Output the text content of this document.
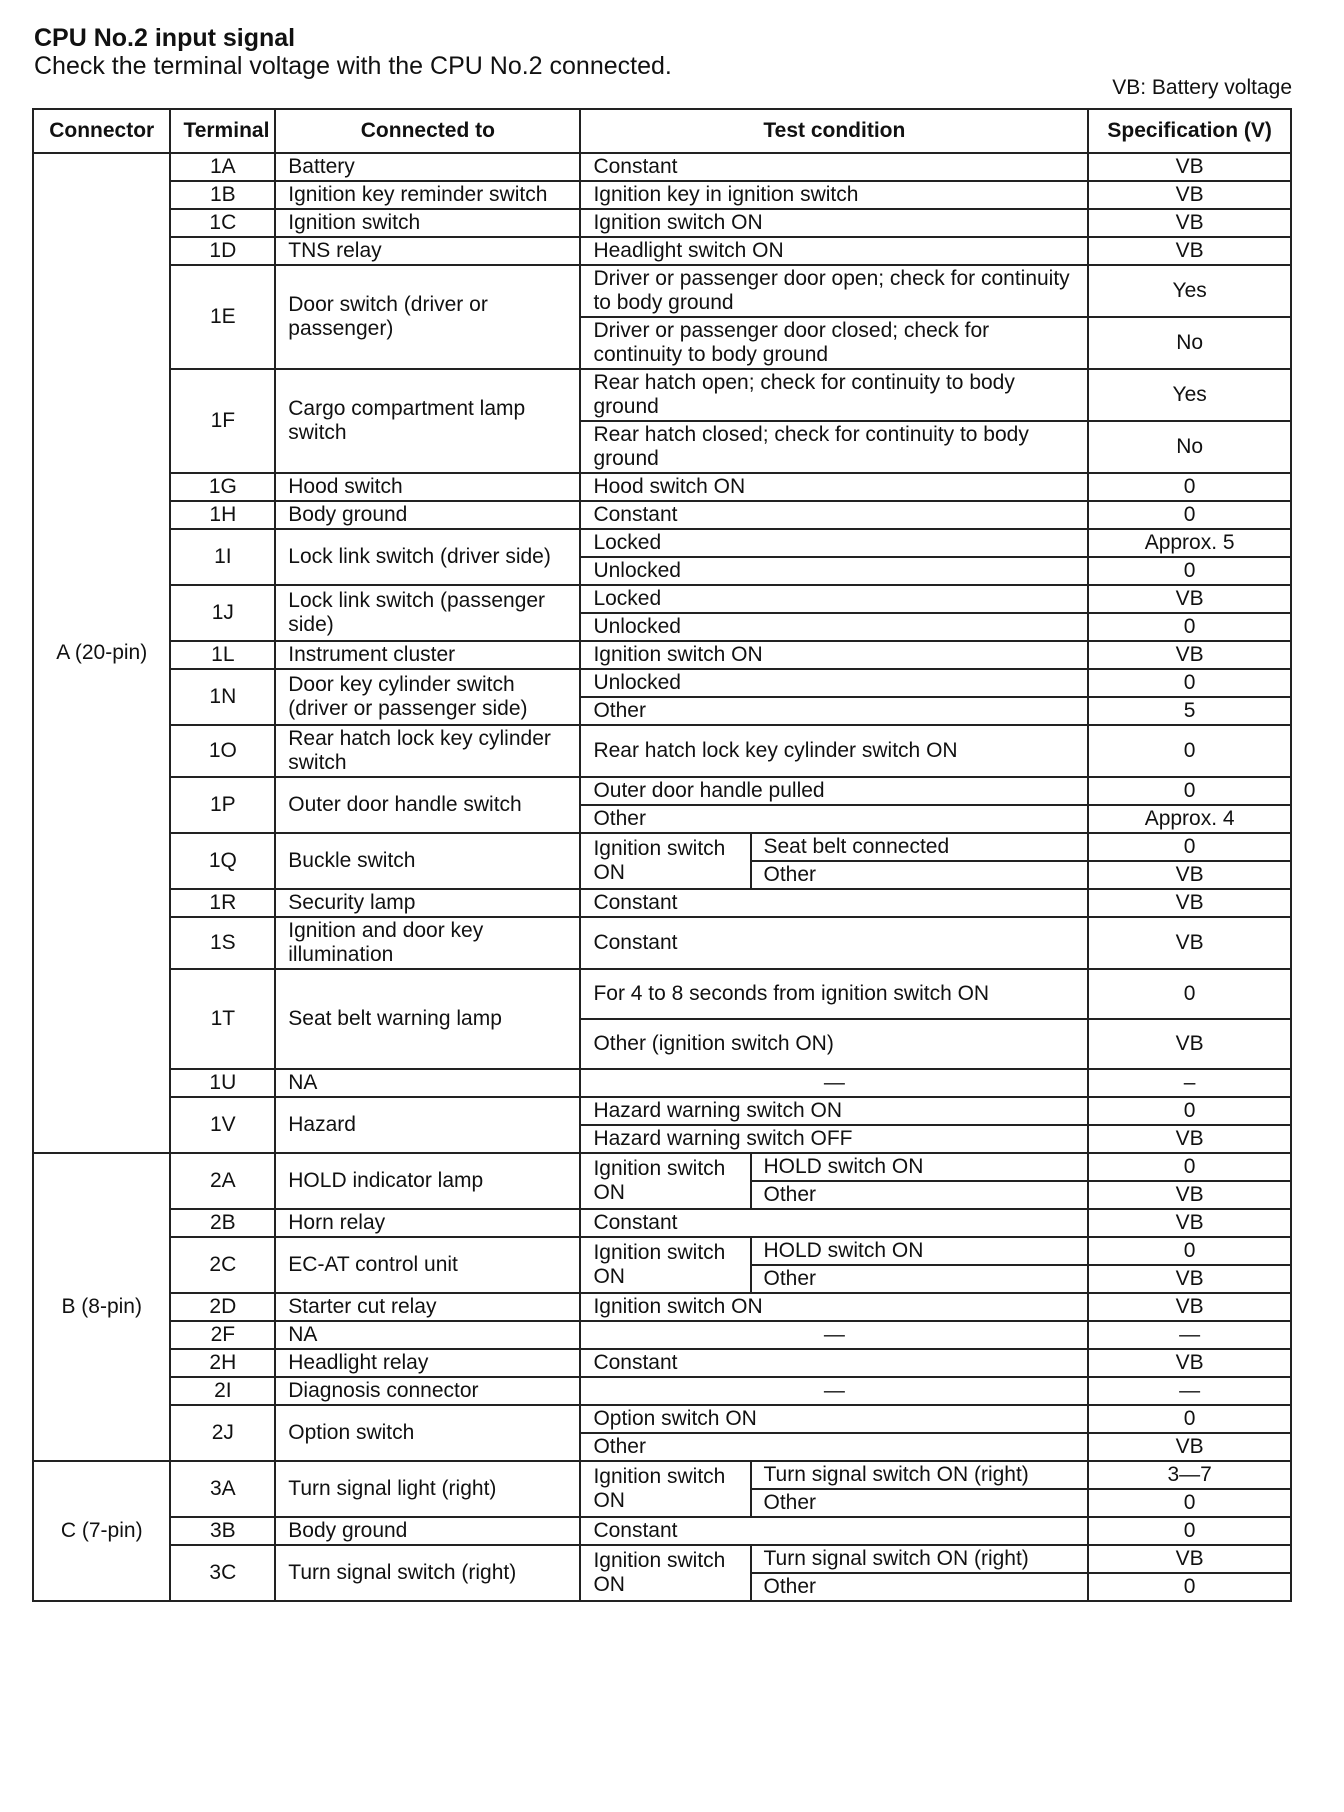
CPU No.2 input signal
Check the terminal voltage with the CPU No.2 connected.
VB: Battery voltage
Connector	Terminal	Connected to	Test condition		Specification (V)
A (20-pin)	1A	Battery	Constant		VB
	1B	Ignition key reminder switch	Ignition key in ignition switch		VB
	1C	Ignition switch	Ignition switch ON		VB
	1D	TNS relay	Headlight switch ON		VB
	1E	Door switch (driver or passenger)	Driver or passenger door open; check for continuity to body ground		Yes
			Driver or passenger door closed; check for continuity to body ground		No
	1F	Cargo compartment lamp switch	Rear hatch open; check for continuity to body ground		Yes
			Rear hatch closed; check for continuity to body ground		No
	1G	Hood switch	Hood switch ON		0
	1H	Body ground	Constant		0
	1I	Lock link switch (driver side)	Locked		Approx. 5
			Unlocked		0
	1J	Lock link switch (passenger side)	Locked		VB
			Unlocked		0
	1L	Instrument cluster	Ignition switch ON		VB
	1N	Door key cylinder switch (driver or passenger side)	Unlocked		0
			Other		5
	1O	Rear hatch lock key cylinder switch	Rear hatch lock key cylinder switch ON		0
	1P	Outer door handle switch	Outer door handle pulled		0
			Other		Approx. 4
	1Q	Buckle switch	Ignition switch ON	Seat belt connected	0
				Other	VB
	1R	Security lamp	Constant		VB
	1S	Ignition and door key illumination	Constant		VB
	1T	Seat belt warning lamp	For 4 to 8 seconds from ignition switch ON		0
			Other (ignition switch ON)		VB
	1U	NA	—		–
	1V	Hazard	Hazard warning switch ON		0
			Hazard warning switch OFF		VB
B (8-pin)	2A	HOLD indicator lamp	Ignition switch ON	HOLD switch ON	0
				Other	VB
	2B	Horn relay	Constant		VB
	2C	EC-AT control unit	Ignition switch ON	HOLD switch ON	0
				Other	VB
	2D	Starter cut relay	Ignition switch ON		VB
	2F	NA	—		—
	2H	Headlight relay	Constant		VB
	2I	Diagnosis connector	—		—
	2J	Option switch	Option switch ON		0
			Other		VB
C (7-pin)	3A	Turn signal light (right)	Ignition switch ON	Turn signal switch ON (right)	3—7
				Other	0
	3B	Body ground	Constant		0
	3C	Turn signal switch (right)	Ignition switch ON	Turn signal switch ON (right)	VB
				Other	0
